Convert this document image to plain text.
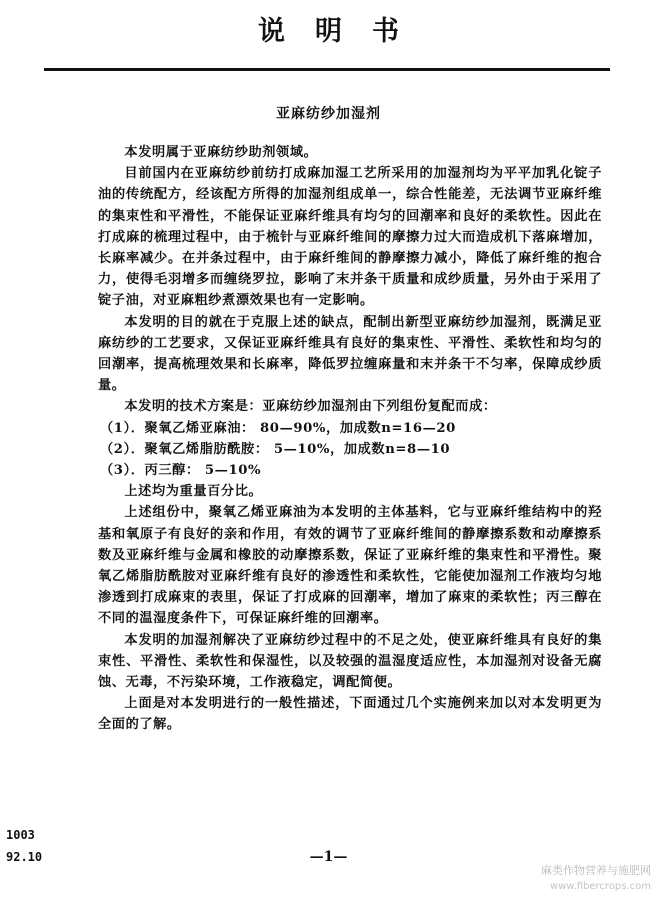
说明书
亚麻纺纱加湿剂

本发明属于亚麻纺纱助剂领域。

目前国内在亚麻纺纱前纺打成麻加湿工艺所采用的加湿剂均为平平加乳化锭子油的传统配方，经该配方所得的加湿剂组成单一，综合性能差，无法调节亚麻纤维的集束性和平滑性，不能保证亚麻纤维具有均匀的回潮率和良好的柔软性。因此在打成麻的梳理过程中，由于梳针与亚麻纤维间的摩擦力过大而造成机下落麻增加，长麻率减少。在并条过程中，由于麻纤维间的静摩擦力减小，降低了麻纤维的抱合力，使得毛羽增多而缠绕罗拉，影响了末并条干质量和成纱质量，另外由于采用了锭子油，对亚麻粗纱煮漂效果也有一定影响。

本发明的目的就在于克服上述的缺点，配制出新型亚麻纺纱加湿剂，既满足亚麻纺纱的工艺要求，又保证亚麻纤维具有良好的集束性、平滑性、柔软性和均匀的回潮率，提高梳理效果和长麻率，降低罗拉缠麻量和末并条干不匀率，保障成纱质量。

本发明的技术方案是：亚麻纺纱加湿剂由下列组份复配而成：

（1）．聚氧乙烯亚麻油： 80—90%，加成数n=16—20

（2）．聚氧乙烯脂肪酰胺： 5—10%，加成数n=8—10

（3）．丙三醇： 5—10%

上述均为重量百分比。

上述组份中，聚氧乙烯亚麻油为本发明的主体基料，它与亚麻纤维结构中的羟基和氧原子有良好的亲和作用，有效的调节了亚麻纤维间的静摩擦系数和动摩擦系数及亚麻纤维与金属和橡胶的动摩擦系数，保证了亚麻纤维的集束性和平滑性。聚氧乙烯脂肪酰胺对亚麻纤维有良好的渗透性和柔软性，它能使加湿剂工作液均匀地渗透到打成麻束的表里，保证了打成麻的回潮率，增加了麻束的柔软性；丙三醇在不同的温湿度条件下，可保证麻纤维的回潮率。

本发明的加湿剂解决了亚麻纺纱过程中的不足之处，使亚麻纤维具有良好的集束性、平滑性、柔软性和保湿性，以及较强的温湿度适应性，本加湿剂对设备无腐蚀、无毒，不污染环境，工作液稳定，调配简便。

上面是对本发明进行的一般性描述，下面通过几个实施例来加以对本发明更为全面的了解。

1003
92.10	—1—
麻类作物营养与施肥网
www.fibercrops.com
